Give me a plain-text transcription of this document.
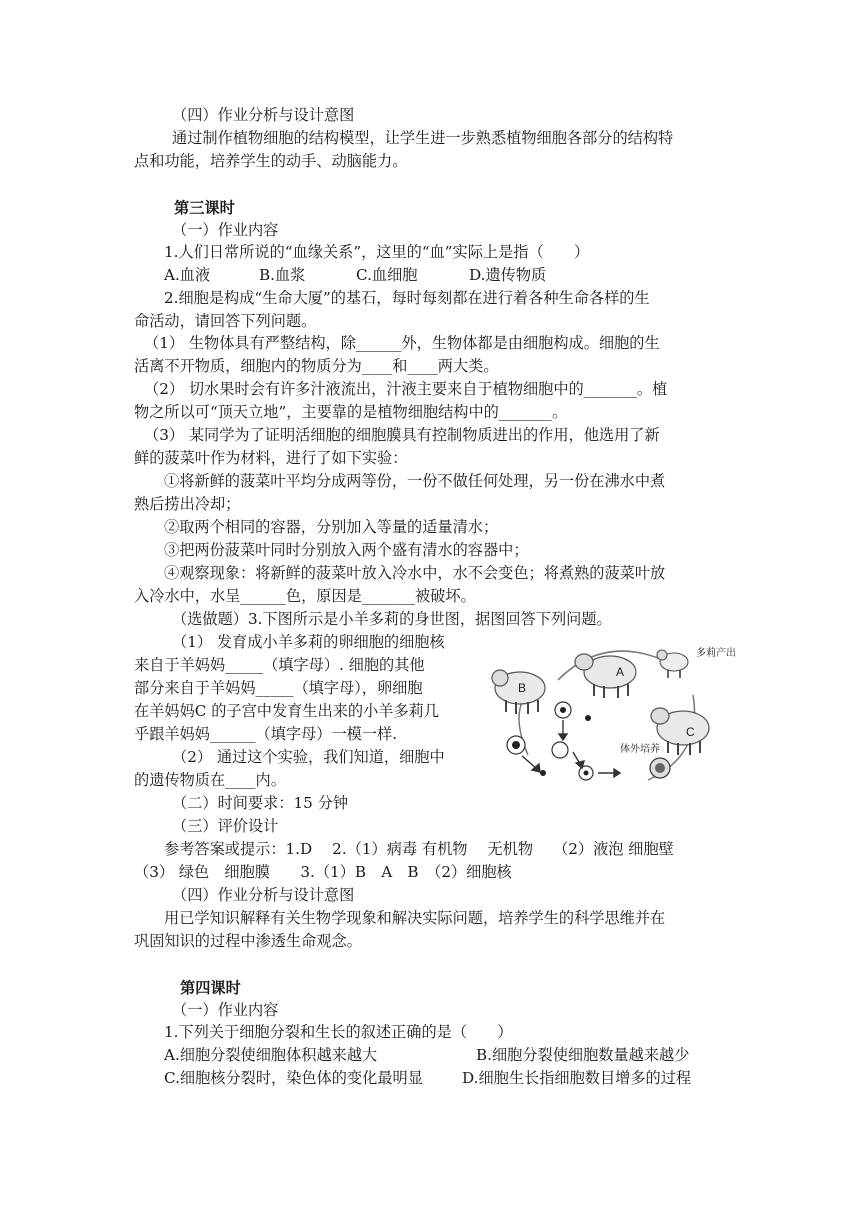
（四）作业分析与设计意图
通过制作植物细胞的结构模型，让学生进一步熟悉植物细胞各部分的结构特
点和功能，培养学生的动手、动脑能力。
第三课时
（一）作业内容
1.人们日常所说的“血缘关系”，这里的“血”实际上是指（　　）
A.血液	B.血浆	C.血细胞	D.遗传物质
2.细胞是构成“生命大厦”的基石，每时每刻都在进行着各种生命各样的生
命活动，请回答下列问题。
（1） 生物体具有严整结构，除______外，生物体都是由细胞构成。细胞的生
活离不开物质，细胞内的物质分为____和____两大类。
（2） 切水果时会有许多汁液流出，汁液主要来自于植物细胞中的_______。植
物之所以可“顶天立地”，主要靠的是植物细胞结构中的_______。
（3） 某同学为了证明活细胞的细胞膜具有控制物质进出的作用，他选用了新
鲜的菠菜叶作为材料，进行了如下实验：
①将新鲜的菠菜叶平均分成两等份，一份不做任何处理，另一份在沸水中煮
熟后捞出冷却；
②取两个相同的容器，分别加入等量的适量清水；
③把两份菠菜叶同时分别放入两个盛有清水的容器中；
④观察现象：将新鲜的菠菜叶放入冷水中，水不会变色；将煮熟的菠菜叶放
入冷水中，水呈______色，原因是_______被破坏。
（选做题）3.下图所示是小羊多莉的身世图，据图回答下列问题。
（1） 发育成小羊多莉的卵细胞的细胞核
来自于羊妈妈_____（填字母）. 细胞的其他
部分来自于羊妈妈_____（填字母），卵细胞
在羊妈妈C 的子宫中发育生出来的小羊多莉几
乎跟羊妈妈______（填字母）一模一样.
（2） 通过这个实验，我们知道，细胞中
的遗传物质在____内。
A
B
C
多莉产出
体外培养
（二）时间要求：15 分钟
（三）评价设计
参考答案或提示：1.D　 2.（1）病毒 有机物　 无机物　 （2）液泡 细胞壁
（3） 绿色　细胞膜　　3.（1）B　A　B　（2）细胞核
（四）作业分析与设计意图
用已学知识解释有关生物学现象和解决实际问题，培养学生的科学思维并在
巩固知识的过程中渗透生命观念。
第四课时
（一）作业内容
1.下列关于细胞分裂和生长的叙述正确的是（　　）
A.细胞分裂使细胞体积越来越大	B.细胞分裂使细胞数量越来越少
C.细胞核分裂时，染色体的变化最明显	D.细胞生长指细胞数目增多的过程
